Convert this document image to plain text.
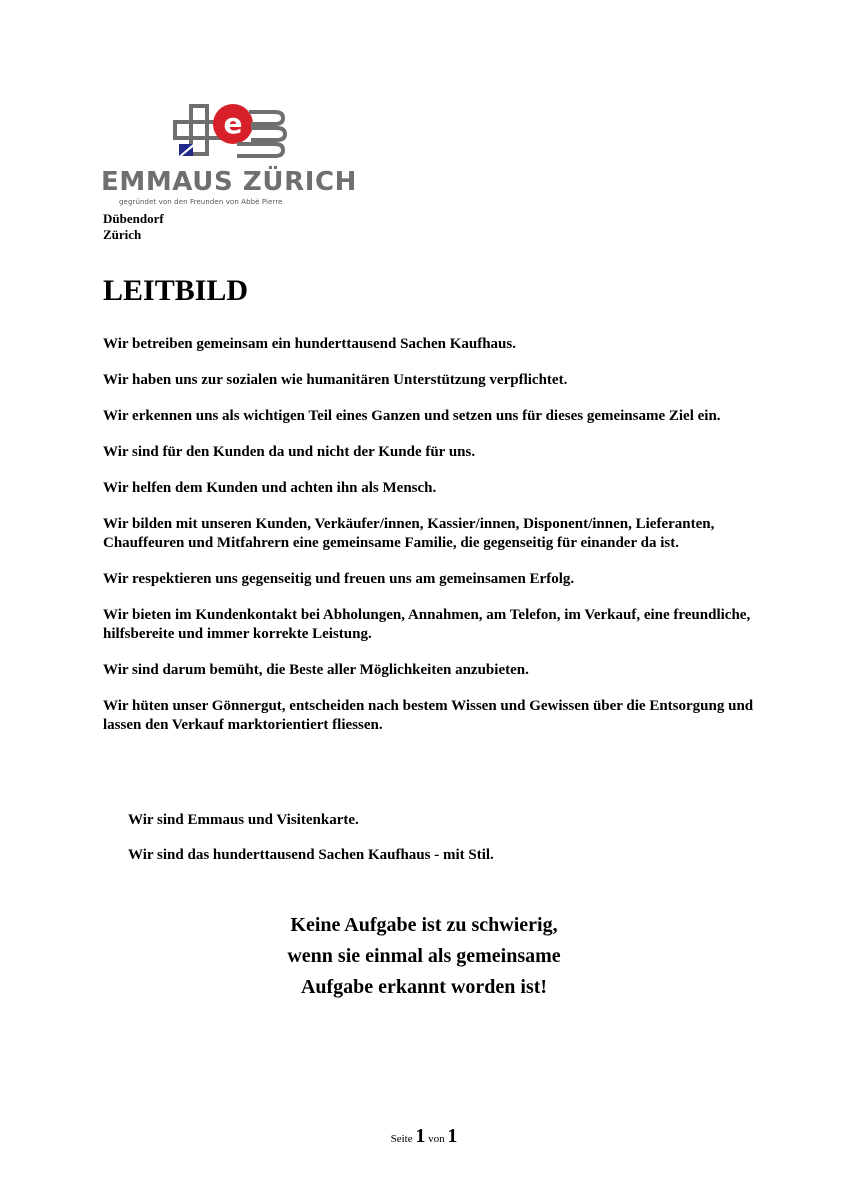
e
EMMAUS ZÜRICH
gegründet von den Freunden von Abbé Pierre
Dübendorf
Zürich
LEITBILD
Wir betreiben gemeinsam ein hunderttausend Sachen Kaufhaus.
Wir haben uns zur sozialen wie humanitären Unterstützung verpflichtet.
Wir erkennen uns als wichtigen Teil eines Ganzen und setzen uns für dieses gemeinsame Ziel ein.
Wir sind für den Kunden da und nicht der Kunde für uns.
Wir helfen dem Kunden und achten ihn als Mensch.
Wir bilden mit unseren Kunden, Verkäufer/innen, Kassier/innen, Disponent/innen, Lieferanten, Chauffeuren und Mitfahrern eine gemeinsame Familie, die gegenseitig für einander da ist.
Wir respektieren uns gegenseitig und freuen uns am gemeinsamen Erfolg.
Wir bieten im Kundenkontakt bei Abholungen, Annahmen, am Telefon, im Verkauf, eine freundliche, hilfsbereite und immer korrekte Leistung.
Wir sind darum bemüht, die Beste aller Möglichkeiten anzubieten.
Wir hüten unser Gönnergut, entscheiden nach bestem Wissen und Gewissen über die Entsorgung und lassen den Verkauf marktorientiert fliessen.
Wir sind Emmaus und Visitenkarte.
Wir sind das hunderttausend Sachen Kaufhaus - mit Stil.
Keine Aufgabe ist zu schwierig,
wenn sie einmal als gemeinsame
Aufgabe erkannt worden ist!
Seite 1 von 1
